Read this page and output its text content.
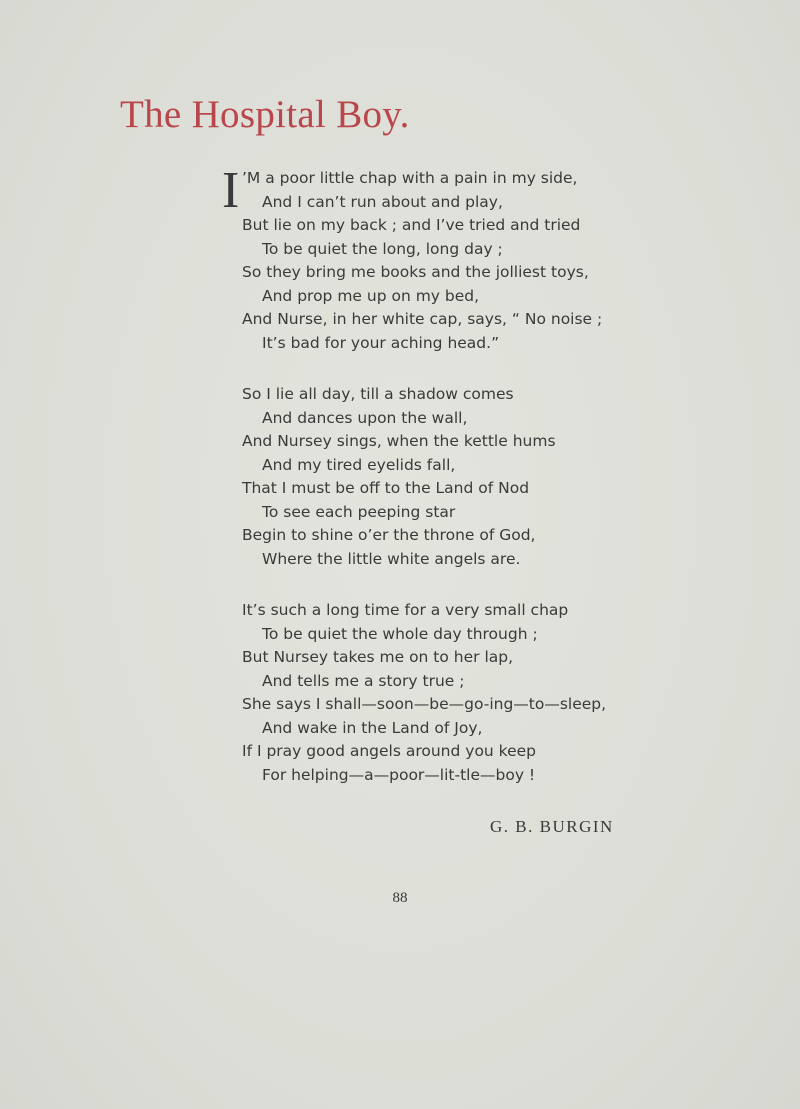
The Hospital Boy.
I ’M a poor little chap with a pain in my side,
And I can’t run about and play,
But lie on my back ; and I’ve tried and tried
To be quiet the long, long day ;
So they bring me books and the jolliest toys,
And prop me up on my bed,
And Nurse, in her white cap, says, “ No noise ;
It’s bad for your aching head.”
So I lie all day, till a shadow comes
And dances upon the wall,
And Nursey sings, when the kettle hums
And my tired eyelids fall,
That I must be off to the Land of Nod
To see each peeping star
Begin to shine o’er the throne of God,
Where the little white angels are.
It’s such a long time for a very small chap
To be quiet the whole day through ;
But Nursey takes me on to her lap,
And tells me a story true ;
She says I shall—soon—be—go-ing—to—sleep,
And wake in the Land of Joy,
If I pray good angels around you keep
For helping—a—poor—lit-tle—boy !
G. B. BURGIN
88
